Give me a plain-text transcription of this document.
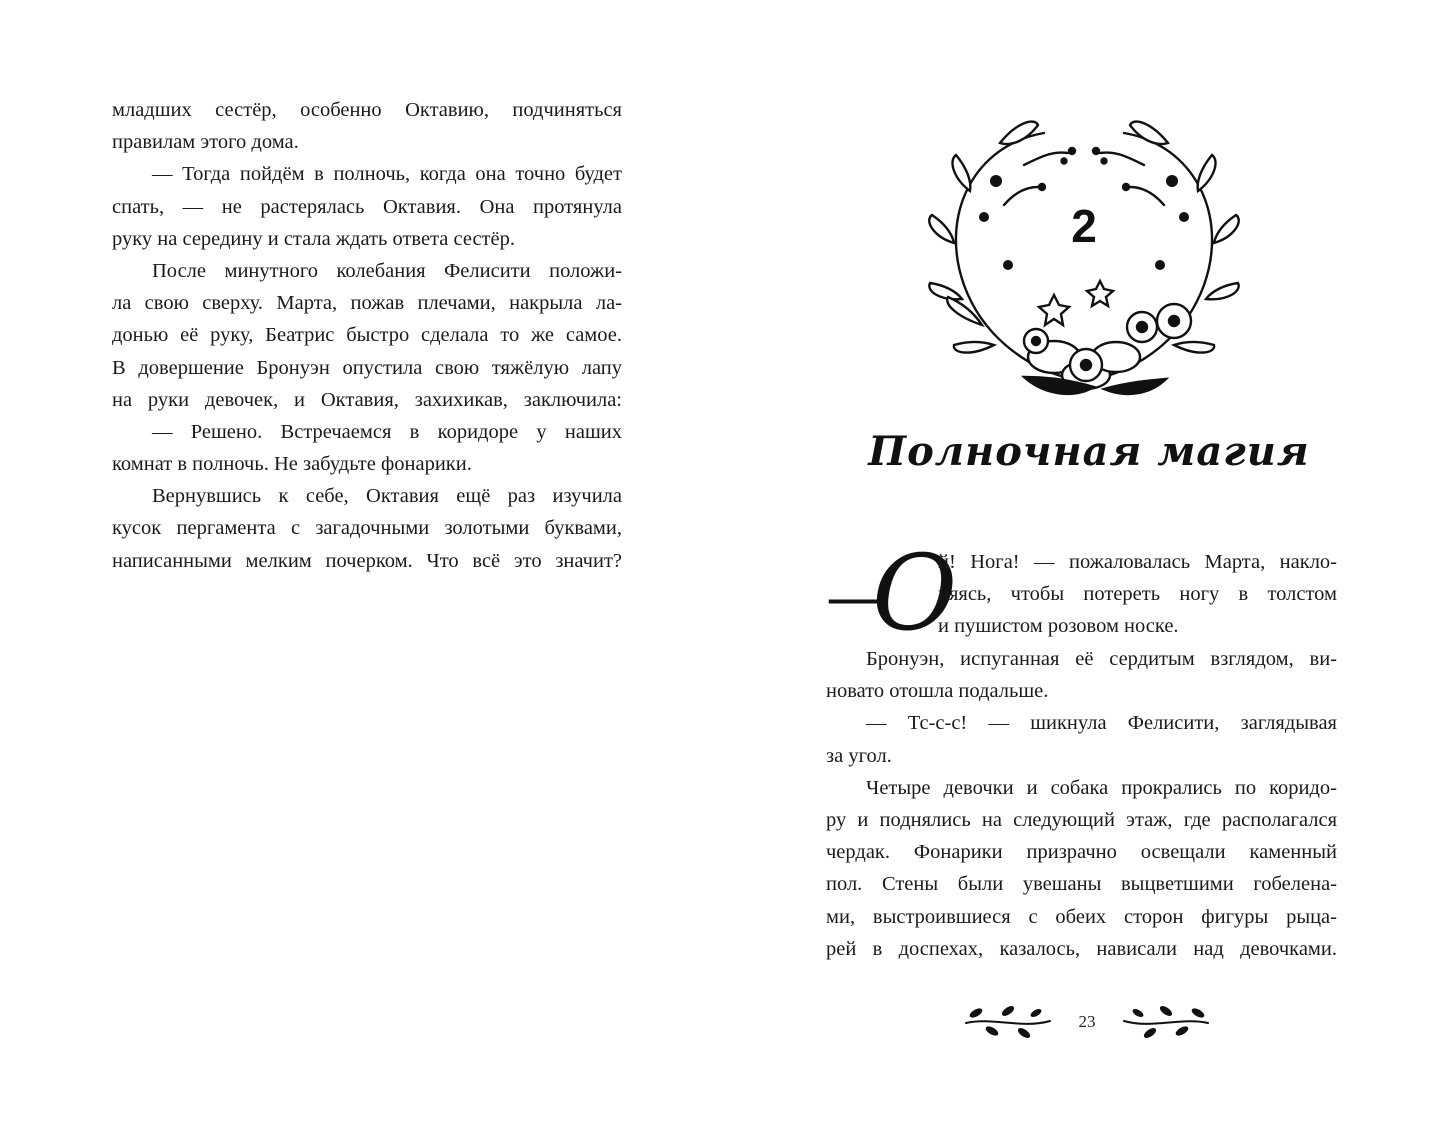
младших сестёр, особенно Октавию, подчиняться
правилам этого дома.
— Тогда пойдём в полночь, когда она точно будет
спать, — не растерялась Октавия. Она протянула
руку на середину и стала ждать ответа сестёр.
После минутного колебания Фелисити положи-
ла свою сверху. Марта, пожав плечами, накрыла ла-
донью её руку, Беатрис быстро сделала то же самое.
В довершение Бронуэн опустила свою тяжёлую лапу
на руки девочек, и Октавия, захихикав, заключила:
— Решено. Встречаемся в коридоре у наших
комнат в полночь. Не забудьте фонарики.
Вернувшись к себе, Октавия ещё раз изучила
кусок пергамента с загадочными золотыми буквами,
написанными мелким почерком. Что всё это значит?
2
Полночная магия
—
О
й! Нога! — пожаловалась Марта, накло-
няясь, чтобы потереть ногу в толстом
и пушистом розовом носке.
Бронуэн, испуганная её сердитым взглядом, ви-
новато отошла подальше.
— Тс-с-с! — шикнула Фелисити, заглядывая
за угол.
Четыре девочки и собака прокрались по коридо-
ру и поднялись на следующий этаж, где располагался
чердак. Фонарики призрачно освещали каменный
пол. Стены были увешаны выцветшими гобелена-
ми, выстроившиеся с обеих сторон фигуры рыца-
рей в доспехах, казалось, нависали над девочками.
23
